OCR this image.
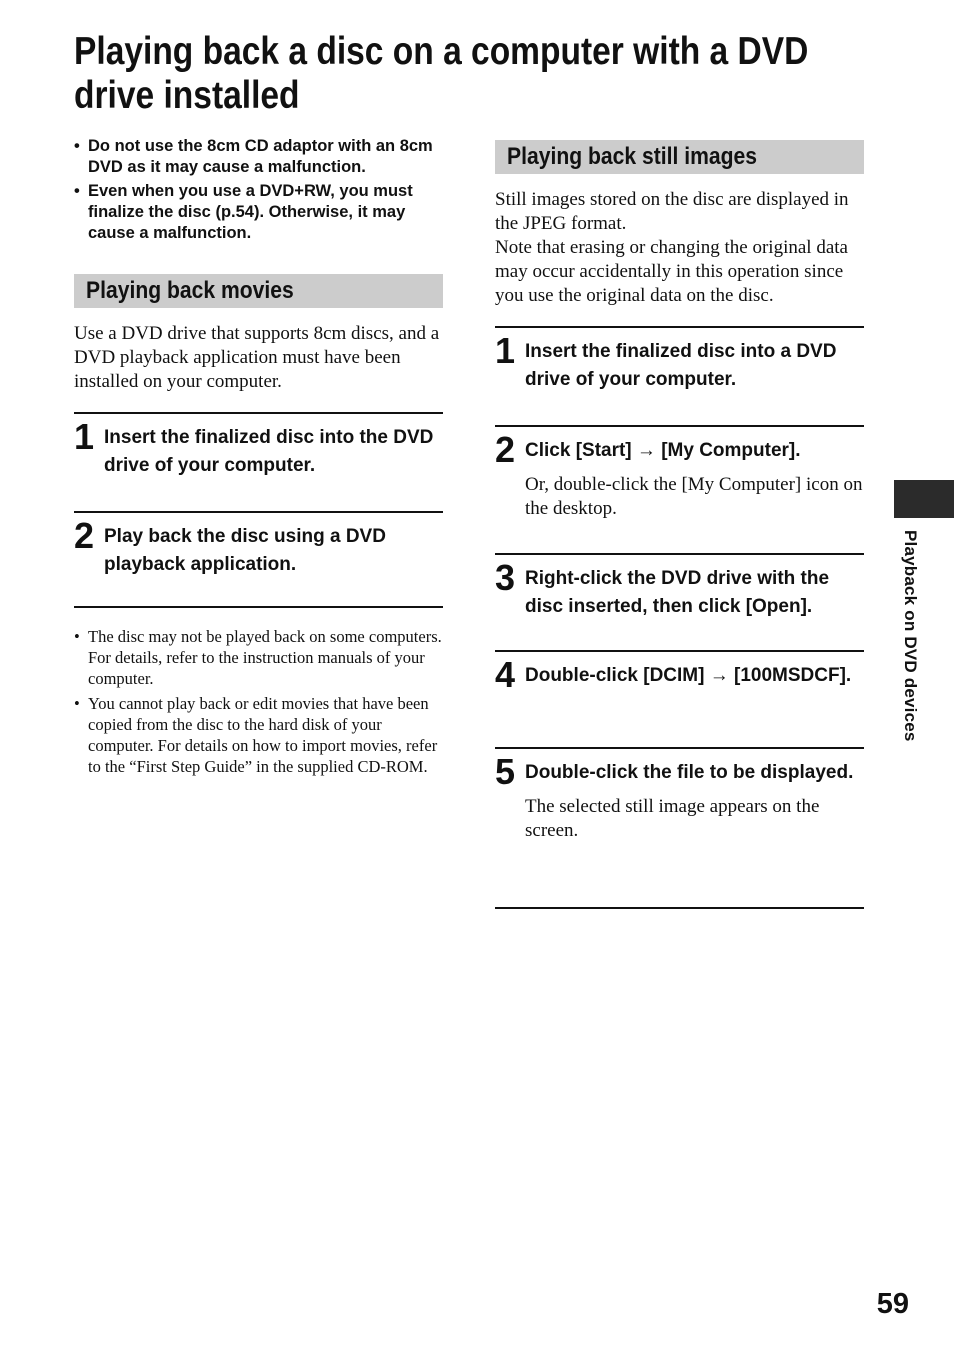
Playing back a disc on a computer with a DVD drive installed
• Do not use the 8cm CD adaptor with an 8cm DVD as it may cause a malfunction.
• Even when you use a DVD+RW, you must finalize the disc (p.54). Otherwise, it may cause a malfunction.
Playing back movies

Use a DVD drive that supports 8cm discs, and a DVD playback application must have been installed on your computer.

1 Insert the finalized disc into the DVD drive of your computer.

2 Play back the disc using a DVD playback application.

• The disc may not be played back on some computers. For details, refer to the instruction manuals of your computer.
• You cannot play back or edit movies that have been copied from the disc to the hard disk of your computer. For details on how to import movies, refer to the “First Step Guide” in the supplied CD-ROM.
Playing back still images

Still images stored on the disc are displayed in the JPEG format.

Note that erasing or changing the original data may occur accidentally in this operation since you use the original data on the disc.

1 Insert the finalized disc into a DVD drive of your computer.

2 Click [Start] → [My Computer].

Or, double-click the [My Computer] icon on the desktop.

3 Right-click the DVD drive with the disc inserted, then click [Open].

4 Double-click [DCIM] → [100MSDCF].

5 Double-click the file to be displayed.

The selected still image appears on the screen.

Playback on DVD devices
59
